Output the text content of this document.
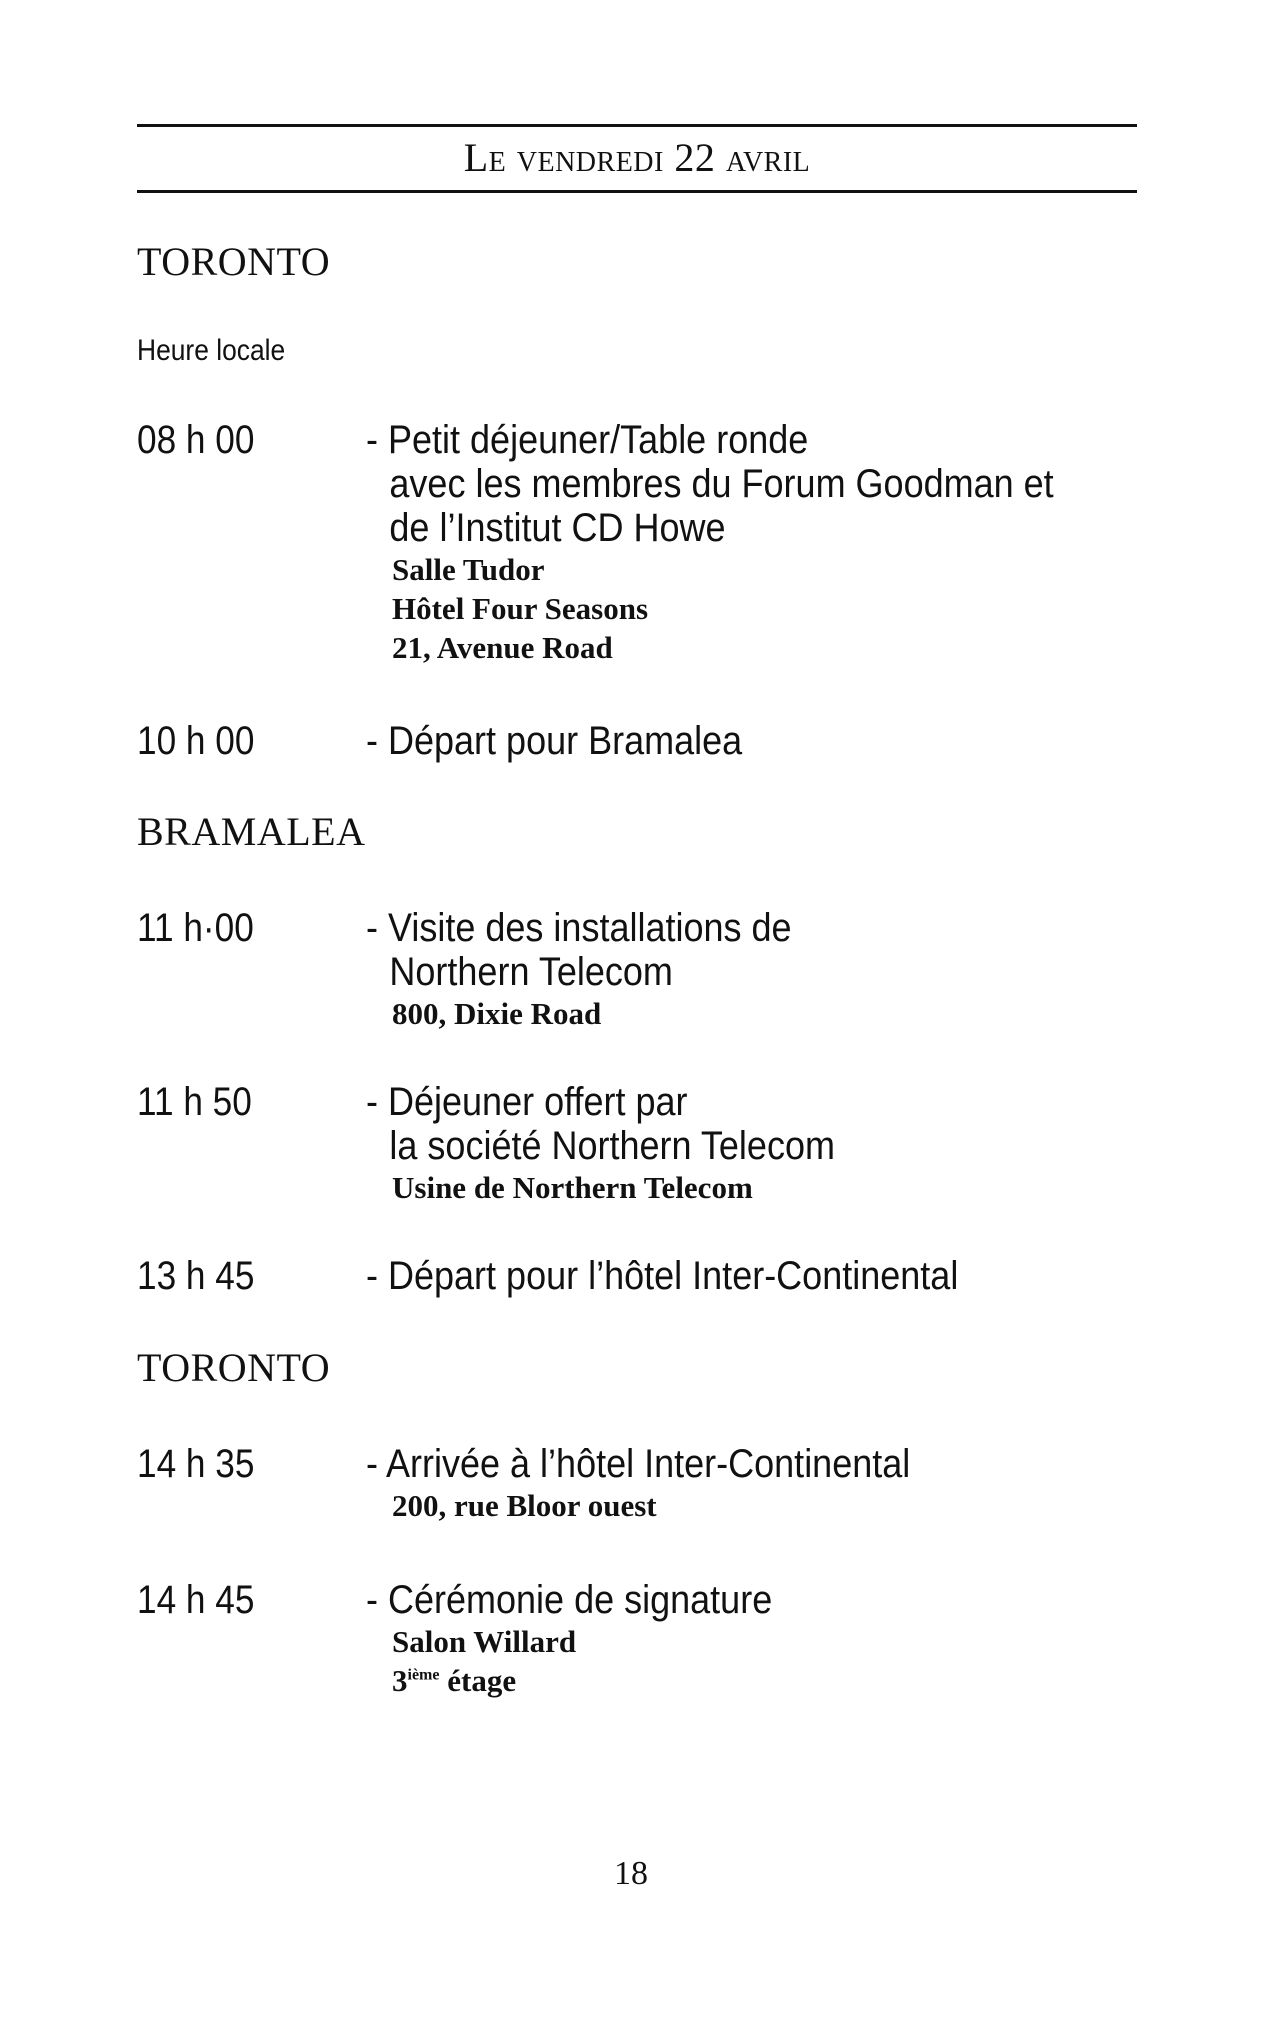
Le vendredi 22 avril
TORONTO
Heure locale
08 h 00	- Petit déjeuner/Table ronde
avec les membres du Forum Goodman et
de l’Institut CD Howe
Salle Tudor
Hôtel Four Seasons
21, Avenue Road
10 h 00	- Départ pour Bramalea
BRAMALEA
11 h·00	- Visite des installations de
Northern Telecom
800, Dixie Road
11 h 50	- Déjeuner offert par
la société Northern Telecom
Usine de Northern Telecom
13 h 45	- Départ pour l’hôtel Inter-Continental
TORONTO
14 h 35	- Arrivée à l’hôtel Inter-Continental
200, rue Bloor ouest
14 h 45	- Cérémonie de signature
Salon Willard
3ième étage
18
